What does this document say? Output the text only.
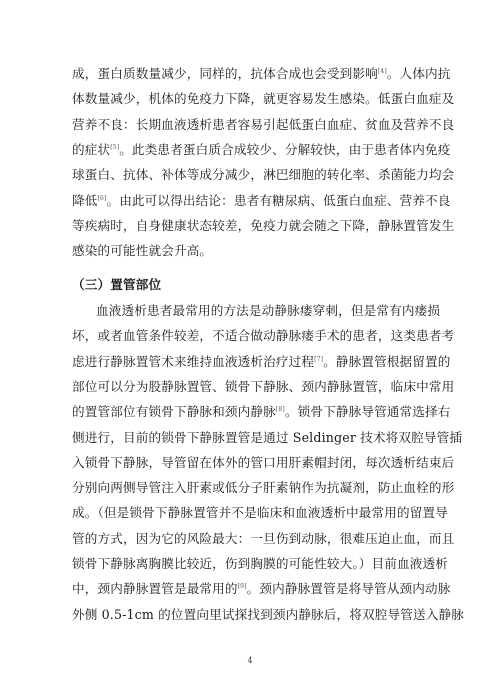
成，蛋白质数量减少，同样的，抗体合成也会受到影响[4]。人体内抗
体数量减少，机体的免疫力下降，就更容易发生感染。低蛋白血症及
营养不良：长期血液透析患者容易引起低蛋白血症、贫血及营养不良
的症状[5]。此类患者蛋白质合成较少、分解较快，由于患者体内免疫
球蛋白、抗体、补体等成分减少，淋巴细胞的转化率、杀菌能力均会
降低[6]。由此可以得出结论：患者有糖尿病、低蛋白血症、营养不良
等疾病时，自身健康状态较差，免疫力就会随之下降，静脉置管发生
感染的可能性就会升高。
（三）置管部位
血液透析患者最常用的方法是动静脉瘘穿刺，但是常有内瘘损
坏，或者血管条件较差，不适合做动静脉瘘手术的患者，这类患者考
虑进行静脉置管术来维持血液透析治疗过程[7]。静脉置管根据留置的
部位可以分为股静脉置管、锁骨下静脉、颈内静脉置管，临床中常用
的置管部位有锁骨下静脉和颈内静脉[8]。锁骨下静脉导管通常选择右
侧进行，目前的锁骨下静脉置管是通过 Seldinger 技术将双腔导管插
入锁骨下静脉，导管留在体外的管口用肝素帽封闭，每次透析结束后
分别向两侧导管注入肝素或低分子肝素钠作为抗凝剂，防止血栓的形
成。（但是锁骨下静脉置管并不是临床和血液透析中最常用的留置导
管的方式，因为它的风险最大：一旦伤到动脉，很难压迫止血，而且
锁骨下静脉离胸膜比较近，伤到胸膜的可能性较大。）目前血液透析
中，颈内静脉置管是最常用的[9]。颈内静脉置管是将导管从颈内动脉
外侧 0.5-1cm 的位置向里试探找到颈内静脉后，将双腔导管送入静脉
4
